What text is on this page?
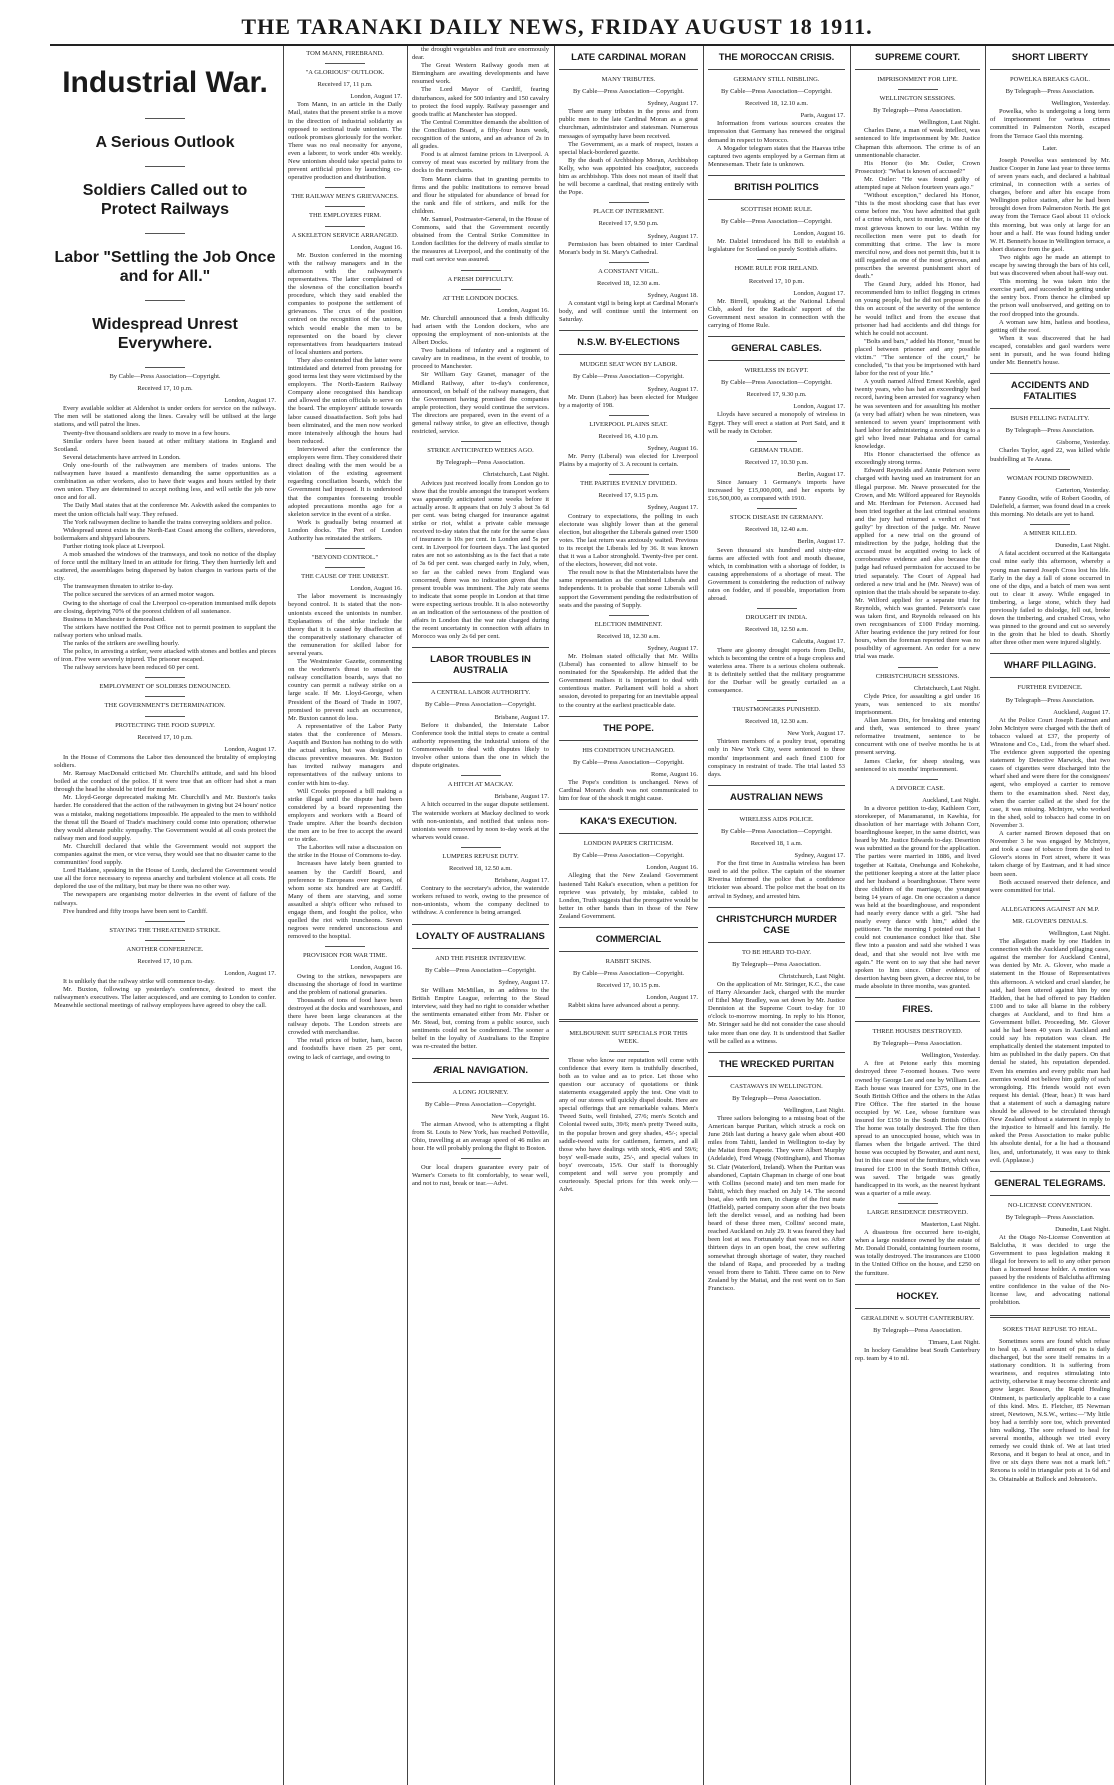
THE TARANAKI DAILY NEWS, FRIDAY AUGUST 18 1911.
Industrial War.
A Serious Outlook
Soldiers Called out to Protect Railways
Labor "Settling the Job Once and for All."
Widespread Unrest Everywhere.

By Cable—Press Association—Copyright.

Received 17, 10 p.m.

London, August 17.

Every available soldier at Aldershot is under orders for service on the railways. The men will be stationed along the lines. Cavalry will be utilised at the large stations, and will patrol the lines.

Twenty-five thousand soldiers are ready to move in a few hours.

Similar orders have been issued at other military stations in England and Scotland.

Several detachments have arrived in London.

Only one-fourth of the railwaymen are members of trades unions. The railwaymen have issued a manifesto demanding the same opportunities as a combination as other workers, also to have their wages and hours settled by their own union. They are determined to accept nothing less, and will settle the job now once and for all.

The Daily Mail states that at the conference Mr. Askwith asked the companies to meet the union officials half way. They refused.

The York railwaymen decline to handle the trains conveying soldiers and police.

Widespread unrest exists in the North-East Coast among the colliers, stevedores, boilermakers and shipyard labourers.

Further rioting took place at Liverpool.

A mob smashed the windows of the tramways, and took no notice of the display of force until the military lined in an attitude for firing. They then hurriedly left and scattered, the assemblages being dispersed by baton charges in various parts of the city.

The tramwaymen threaten to strike to-day.

The police secured the services of an armed motor wagon.

Owing to the shortage of coal the Liverpool co-operation immunised milk depots are closing, depriving 70% of the poorest children of all sustenance.

Business in Manchester is demoralised.

The strikers have notified the Post Office not to permit postmen to supplant the railway porters who unload mails.

The ranks of the strikers are swelling hourly.

The police, in arresting a striker, were attacked with stones and bottles and pieces of iron. Five were severely injured. The prisoner escaped.

The railway services have been reduced 60 per cent.

EMPLOYMENT OF SOLDIERS DENOUNCED.

THE GOVERNMENT'S DETERMINATION.

PROTECTING THE FOOD SUPPLY.

Received 17, 10 p.m.

London, August 17.

In the House of Commons the Labor ties denounced the brutality of employing soldiers.

Mr. Ramsay MacDonald criticised Mr. Churchill's attitude, and said his blood boiled at the conduct of the police. If it were true that an officer had shot a man through the head he should be tried for murder.

Mr. Lloyd-George deprecated making Mr. Churchill's and Mr. Buxton's tasks harder. He considered that the action of the railwaymen in giving but 24 hours' notice was a mistake, making negotiations impossible. He appealed to the men to withhold the threat till the Board of Trade's machinery could come into operation; otherwise they would alienate public sympathy. The Government would at all costs protect the railway men and food supply.

Mr. Churchill declared that while the Government would not support the companies against the men, or vice versa, they would see that no disaster came to the communities' food supply.

Lord Haldane, speaking in the House of Lords, declared the Government would use all the force necessary to repress anarchy and turbulent violence at all costs. He deplored the use of the military, but may be there was no other way.

The newspapers are organising motor deliveries in the event of failure of the railways.

Five hundred and fifty troops have been sent to Cardiff.

STAYING THE THREATENED STRIKE.

ANOTHER CONFERENCE.

Received 17, 10 p.m.

London, August 17.

It is unlikely that the railway strike will commence to-day.

Mr. Buxton, following up yesterday's conference, desired to meet the railwaymen's executives. The latter acquiesced, and are coming to London to confer. Meanwhile sectional meetings of railway employees have agreed to obey the call.

TOM MANN, FIREBRAND.

"A GLORIOUS" OUTLOOK.

Received 17, 11 p.m.

London, August 17.

Tom Mann, in an article in the Daily Mail, states that the present strike is a move in the direction of industrial solidarity as opposed to sectional trade unionism. The outlook promises gloriously for the worker. There was no real necessity for anyone, even a laborer, to work under 40s weekly. New unionism should take special pains to prevent artificial prices by launching co-operative production and distribution.

THE RAILWAY MEN'S GRIEVANCES.

THE EMPLOYERS FIRM.

A SKELETON SERVICE ARRANGED.

London, August 16.

Mr. Buxton conferred in the morning with the railway managers and in the afternoon with the railwaymen's representatives. The latter complained of the slowness of the conciliation board's procedure, which they said enabled the companies to postpone the settlement of grievances. The crux of the position centred on the recognition of the unions, which would enable the men to be represented on the board by clever representatives from headquarters instead of local shunters and porters.

They also contended that the latter were intimidated and deterred from pressing for good terms lest they were victimised by the employers. The North-Eastern Railway Company alone recognised this handicap and allowed the union officials to serve on the board. The employers' attitude towards labor caused dissatisfaction. Soft jobs had been eliminated, and the men now worked more intensively although the hours had been reduced.

Interviewed after the conference the employers were firm. They considered their direct dealing with the men would be a violation of the existing agreement regarding conciliation boards, which the Government had imposed. It is understood that the companies foreseeing trouble adopted precautions months ago for a skeleton service in the event of a strike.

Work is gradually being resumed at London docks. The Port of London Authority has reinstated the strikers.

"BEYOND CONTROL."

THE CAUSE OF THE UNREST.

London, August 16.

The labor movement is increasingly beyond control. It is stated that the non-unionists exceed the unionists in number. Explanations of the strike include the theory that it is caused by disaffection at the comparatively stationary character of the remuneration for skilled labor for several years.

The Westminster Gazette, commenting on the workmen's threat to smash the railway conciliation boards, says that no country can permit a railway strike on a large scale. If Mr. Lloyd-George, when President of the Board of Trade in 1907, promised to prevent such an occurrence, Mr. Buxton cannot do less.

A representative of the Labor Party states that the conference of Messrs. Asquith and Buxton has nothing to do with the actual strikes, but was designed to discuss preventive measures. Mr. Buxton has invited railway managers and representatives of the railway unions to confer with him to-day.

Will Crooks proposed a bill making a strike illegal until the dispute had been considered by a board representing the employers and workers with a Board of Trade umpire. After the board's decision the men are to be free to accept the award or to strike.

The Laborites will raise a discussion on the strike in the House of Commons to-day.

Increases have lately been granted to seamen by the Cardiff Board, and preference to Europeans over negroes, of whom some six hundred are at Cardiff. Many of them are starving, and some assaulted a ship's officer who refused to engage them, and fought the police, who quelled the riot with truncheons. Seven negroes were rendered unconscious and removed to the hospital.

PROVISION FOR WAR TIME.

London, August 16.

Owing to the strikes, newspapers are discussing the shortage of food in wartime and the problem of national granaries.

Thousands of tons of food have been destroyed at the docks and warehouses, and there have been large clearances at the railway depots. The London streets are crowded with merchandise.

The retail prices of butter, ham, bacon and foodstuffs have risen 25 per cent, owing to lack of carriage, and owing to

the drought vegetables and fruit are enormously dear.

The Great Western Railway goods men at Birmingham are awaiting developments and have resumed work.

The Lord Mayor of Cardiff, fearing disturbances, asked for 500 infantry and 150 cavalry to protect the food supply. Railway passenger and goods traffic at Manchester has stopped.

The Central Committee demands the abolition of the Conciliation Board, a fifty-four hours week, recognition of the unions, and an advance of 2s in all grades.

Food is at almost famine prices in Liverpool. A convoy of meat was escorted by military from the docks to the merchants.

Tom Mann claims that in granting permits to firms and the public institutions to remove bread and flour he stipulated for abundance of bread for the rank and file of strikers, and milk for the children.

Mr. Samuel, Postmaster-General, in the House of Commons, said that the Government recently obtained from the Central Strike Committee in London facilities for the delivery of mails similar to the measures at Liverpool, and the continuity of the mail cart service was assured.

A FRESH DIFFICULTY.

AT THE LONDON DOCKS.

London, August 16.

Mr. Churchill announced that a fresh difficulty had arisen with the London dockers, who are opposing the employment of non-unionists at the Albert Docks.

Two battalions of infantry and a regiment of cavalry are in readiness, in the event of trouble, to proceed to Manchester.

Sir William Guy Granet, manager of the Midland Railway, after to-day's conference, announced, on behalf of the railway managers, that the Government having promised the companies ample protection, they would continue the services. The directors are prepared, even in the event of a general railway strike, to give an effective, though restricted, service.

STRIKE ANTICIPATED WEEKS AGO.

By Telegraph—Press Association.

Christchurch, Last Night.

Advices just received locally from London go to show that the trouble amongst the transport workers was apparently anticipated some weeks before it actually arose. It appears that on July 3 about 3s 6d per cent. was being charged for insurance against strike or riot, whilst a private cable message received to-day states that the rate for the same class of insurance is 10s per cent. in London and 5s per cent. in Liverpool for fourteen days. The last quoted rates are not so astonishing as is the fact that a rate of 3s 6d per cent. was charged early in July, when, so far as the cabled news from England was concerned, there was no indication given that the present trouble was imminent. The July rate seems to indicate that some people in London at that time were expecting serious trouble. It is also noteworthy as an indication of the seriousness of the position of affairs in London that the war rate charged during the recent uncertainty in connection with affairs in Morocco was only 2s 6d per cent.

LABOR TROUBLES IN AUSTRALIA

A CENTRAL LABOR AUTHORITY.

By Cable—Press Association—Copyright.

Brisbane, August 17.

Before it disbanded, the Interstate Labor Conference took the initial steps to create a central authority representing the industrial unions of the Commonwealth to deal with disputes likely to involve other unions than the one in which the dispute originates.

A HITCH AT MACKAY.

Brisbane, August 17.

A hitch occurred in the sugar dispute settlement. The waterside workers at Mackay declined to work with non-unionists, and notified that unless non-unionists were removed by noon to-day work at the wharves would cease.

LUMPERS REFUSE DUTY.

Received 18, 12.50 a.m.

Brisbane, August 17.

Contrary to the secretary's advice, the waterside workers refused to work, owing to the presence of non-unionists, whom the company declined to withdraw. A conference is being arranged.

LOYALTY OF AUSTRALIANS

AND THE FISHER INTERVIEW.

By Cable—Press Association—Copyright.

Sydney, August 17.

Sir William McMillan, in an address to the British Empire League, referring to the Stead interview, said they had no right to consider whether the sentiments emanated either from Mr. Fisher or Mr. Stead, but, coming from a public source, such sentiments could not be condemned. The sooner a belief in the loyalty of Australians to the Empire was re-created the better.

ÆRIAL NAVIGATION.

A LONG JOURNEY.

By Cable—Press Association—Copyright.

New York, August 16.

The airman Atwood, who is attempting a flight from St. Louis to New York, has reached Pottsville, Ohio, travelling at an average speed of 46 miles an hour. He will probably prolong the flight to Boston.

Our local drapers guarantee every pair of Warner's Corsets to fit comfortably, to wear well, and not to rust, break or tear.—Advt.

LATE CARDINAL MORAN

MANY TRIBUTES.

By Cable—Press Association—Copyright.

Sydney, August 17.

There are many tributes in the press and from public men to the late Cardinal Moran as a great churchman, administrator and statesman. Numerous messages of sympathy have been received.

The Government, as a mark of respect, issues a special black-bordered gazette.

By the death of Archbishop Moran, Archbishop Kelly, who was appointed his coadjutor, succeeds him as archbishop. This does not mean of itself that he will become a cardinal, that resting entirely with the Pope.

PLACE OF INTERMENT.

Received 17, 9.50 p.m.

Sydney, August 17.

Permission has been obtained to inter Cardinal Moran's body in St. Mary's Cathedral.

A CONSTANT VIGIL.

Received 18, 12.30 a.m.

Sydney, August 18.

A constant vigil is being kept at Cardinal Moran's body, and will continue until the interment on Saturday.

N.S.W. BY-ELECTIONS

MUDGEE SEAT WON BY LABOR.

By Cable—Press Association—Copyright.

Sydney, August 17.

Mr. Dunn (Labor) has been elected for Mudgee by a majority of 198.

LIVERPOOL PLAINS SEAT.

Received 16, 4.10 p.m.

Sydney, August 16.

Mr. Perry (Liberal) was elected for Liverpool Plains by a majority of 3. A recount is certain.

THE PARTIES EVENLY DIVIDED.

Received 17, 9.15 p.m.

Sydney, August 17.

Contrary to expectations, the polling in each electorate was slightly lower than at the general election, but altogether the Liberals gained over 1500 votes. The last return was anxiously waited. Previous to its receipt the Liberals led by 36. It was known that it was a Labor stronghold. Twenty-five per cent. of the electors, however, did not vote.

The result now is that the Ministerialists have the same representation as the combined Liberals and Independents. It is probable that some Liberals will support the Government pending the redistribution of seats and the passing of Supply.

ELECTION IMMINENT.

Received 18, 12.30 a.m.

Sydney, August 17.

Mr. Holman stated officially that Mr. Willis (Liberal) has consented to allow himself to be nominated for the Speakership. He added that the Government realises it is important to deal with contentious matter. Parliament will hold a short session, devoted to preparing for an inevitable appeal to the country at the earliest practicable date.

THE POPE.

HIS CONDITION UNCHANGED.

By Cable—Press Association—Copyright.

Rome, August 16.

The Pope's condition is unchanged. News of Cardinal Moran's death was not communicated to him for fear of the shock it might cause.

KAKA'S EXECUTION.

LONDON PAPER'S CRITICISM.

By Cable—Press Association—Copyright.

London, August 16.

Alleging that the New Zealand Government hastened Tahi Kaka's execution, when a petition for reprieve was privately, by mistake, cabled to London, Truth suggests that the prerogative would be better in other hands than in those of the New Zealand Government.

COMMERCIAL

RABBIT SKINS.

By Cable—Press Association—Copyright.

Received 17, 10.15 p.m.

London, August 17.

Rabbit skins have advanced about a penny.

MELBOURNE SUIT SPECIALS FOR THIS WEEK.

Those who know our reputation will come with confidence that every item is truthfully described, both as to value and as to price. Let those who question our accuracy of quotations or think statements exaggerated apply the test. One visit to any of our stores will quickly dispel doubt. Here are special offerings that are remarkable values. Men's Tweed Suits, well finished, 27/6; men's Scotch and Colonial tweed suits, 39/6; men's pretty Tweed suits, in the popular brown and grey shades, 45/-; special saddle-tweed suits for cattlemen, farmers, and all those who have dealings with stock, 40/6 and 59/6; boys' well-made suits, 25/-, and special values in boys' overcoats, 15/6. Our staff is thoroughly competent and will serve you promptly and courteously. Special prices for this week only.—Advt.

THE MOROCCAN CRISIS.

GERMANY STILL NIBBLING.

By Cable—Press Association—Copyright.

Received 18, 12.10 a.m.

Paris, August 17.

Information from various sources creates the impression that Germany has renewed the original demand in respect to Morocco.

A Mogador telegram states that the Haavas tribe captured two agents employed by a German firm at Menneseman. Their fate is unknown.

BRITISH POLITICS

SCOTTISH HOME RULE.

By Cable—Press Association—Copyright.

London, August 16.

Mr. Dalziel introduced his Bill to establish a legislature for Scotland on purely Scottish affairs.

HOME RULE FOR IRELAND.

Received 17, 10 p.m.

London, August 17.

Mr. Birrell, speaking at the National Liberal Club, asked for the Radicals' support of the Government next session in connection with the carrying of Home Rule.

GENERAL CABLES.

WIRELESS IN EGYPT.

By Cable—Press Association—Copyright.

Received 17, 9.30 p.m.

London, August 17.

Lloyds have secured a monopoly of wireless in Egypt. They will erect a station at Port Said, and it will be ready in October.

GERMAN TRADE.

Received 17, 10.30 p.m.

Berlin, August 17.

Since January 1 Germany's imports have increased by £15,000,000, and her exports by £16,500,000, as compared with 1910.

STOCK DISEASE IN GERMANY.

Received 18, 12.40 a.m.

Berlin, August 17.

Seven thousand six hundred and sixty-nine farms are affected with foot and mouth disease, which, in combination with a shortage of fodder, is causing apprehensions of a shortage of meat. The Government is considering the reduction of railway rates on fodder, and if possible, importation from abroad.

DROUGHT IN INDIA.

Received 18, 12.50 a.m.

Calcutta, August 17.

There are gloomy drought reports from Delhi, which is becoming the centre of a huge cropless and waterless area. There is a serious cholera outbreak. It is definitely settled that the military programme for the Durbar will be greatly curtailed as a consequence.

TRUSTMONGERS PUNISHED.

Received 18, 12.30 a.m.

New York, August 17.

Thirteen members of a poultry trust, operating only in New York City, were sentenced to three months' imprisonment and each fined £100 for conspiracy in restraint of trade. The trial lasted 53 days.

AUSTRALIAN NEWS

WIRELESS AIDS POLICE.

By Cable—Press Association—Copyright.

Received 18, 1 a.m.

Sydney, August 17.

For the first time in Australia wireless has been used to aid the police. The captain of the steamer Riverina informed the police that a confidence trickster was aboard. The police met the boat on its arrival in Sydney, and arrested him.

CHRISTCHURCH MURDER CASE

TO BE HEARD TO-DAY.

By Telegraph—Press Association.

Christchurch, Last Night.

On the application of Mr. Stringer, K.C., the case of Harry Alexander Jack, charged with the murder of Ethel May Bradley, was set down by Mr. Justice Denniston at the Supreme Court to-day for 10 o'clock to-morrow morning. In reply to his Honor, Mr. Stringer said he did not consider the case should take more than one day. It is understood that Sadler will be called as a witness.

THE WRECKED PURITAN

CASTAWAYS IN WELLINGTON.

By Telegraph—Press Association.

Wellington, Last Night.

Three sailors belonging to a missing boat of the American barque Puritan, which struck a rock on June 26th last during a heavy gale when about 400 miles from Tahiti, landed in Wellington to-day by the Maitai from Papeete. They were Albert Murphy (Adelaide), Fred Wragg (Nottingham), and Thomas St. Clair (Waterford, Ireland). When the Puritan was abandoned, Captain Chapman in charge of one boat with Collins (second mate) and ten men made for Tahiti, which they reached on July 14. The second boat, also with ten men, in charge of the first mate (Hatfield), parted company soon after the two boats left the derelict vessel, and as nothing had been heard of these three men, Collins' second mate, reached Auckland on July 29. It was feared they had been lost at sea. Fortunately that was not so. After thirteen days in an open boat, the crew suffering somewhat through shortage of water, they reached the island of Rapa, and proceeded by a trading vessel from there to Tahiti. Three came on to New Zealand by the Maitai, and the rest went on to San Francisco.

SUPREME COURT.

IMPRISONMENT FOR LIFE.

WELLINGTON SESSIONS.

By Telegraph—Press Association.

Wellington, Last Night.

Charles Dane, a man of weak intellect, was sentenced to life imprisonment by Mr. Justice Chapman this afternoon. The crime is of an unmentionable character.

His Honor (to Mr. Ostler, Crown Prosecutor): "What is known of accused?"

Mr. Ostler: "He was found guilty of attempted rape at Nelson fourteen years ago."

"Without exception," declared his Honor, "this is the most shocking case that has ever come before me. You have admitted that guilt of a crime which, next to murder, is one of the most grievous known to our law. Within my recollection men were put to death for committing that crime. The law is more merciful now, and does not permit this, but it is still regarded as one of the most grievous, and prescribes the severest punishment short of death."

The Grand Jury, added his Honor, had recommended him to inflict flogging in crimes on young people, but he did not propose to do this on account of the severity of the sentence he would inflict and from the excuse that prisoner had had accidents and did things for which he could not account.

"Bolts and bars," added his Honor, "must be placed between prisoner and any possible victim." "The sentence of the court," he concluded, "is that you be imprisoned with hard labor for the rest of your life."

A youth named Alfred Ernest Keeble, aged twenty years, who has had an exceedingly bad record, having been arrested for vagrancy when he was seventeen and for assaulting his mother (a very bad affair) when he was nineteen, was sentenced to seven years' imprisonment with hard labor for administering a noxious drug to a girl who lived near Pahiatua and for carnal knowledge.

His Honor characterised the offence as exceedingly strong terms.

Edward Reynolds and Annie Peterson were charged with having used an instrument for an illegal purpose. Mr. Neave prosecuted for the Crown, and Mr. Wilford appeared for Reynolds and Mr. Herdman for Peterson. Accused had been tried together at the last criminal sessions and the jury had returned a verdict of "not guilty" by direction of the judge. Mr. Neave applied for a new trial on the ground of misdirection by the judge, holding that the accused must be acquitted owing to lack of corroborative evidence and also because the judge had refused permission for accused to be tried separately. The Court of Appeal had ordered a new trial and he (Mr. Neave) was of opinion that the trials should be separate to-day. Mr. Wilford applied for a separate trial for Reynolds, which was granted. Peterson's case was taken first, and Reynolds released on his own recognisances of £100 Friday morning. After hearing evidence the jury retired for four hours, when the foreman reported there was no possibility of agreement. An order for a new trial was made.

CHRISTCHURCH SESSIONS.

Christchurch, Last Night.

Clyde Price, for assaulting a girl under 16 years, was sentenced to six months' imprisonment.

Allan James Dix, for breaking and entering and theft, was sentenced to three years' reformative treatment, sentence to be concurrent with one of twelve months he is at present serving.

James Clarke, for sheep stealing, was sentenced to six months' imprisonment.

A DIVORCE CASE.

Auckland, Last Night.

In a divorce petition to-day, Kathleen Corr, storekeeper, of Maramaranui, in Kawhia, for dissolution of her marriage with Johann Corr, boardinghouse keeper, in the same district, was heard by Mr. Justice Edwards to-day. Desertion was submitted as the ground for the application. The parties were married in 1886, and lived together at Kaitaia, Onehunga and Kohekohe, the petitioner keeping a store at the latter place and her husband a boardinghouse. There were three children of the marriage, the youngest being 14 years of age. On one occasion a dance was held at the boardinghouse, and respondent had nearly every dance with a girl. "She had nearly every dance with him," added the petitioner. "In the morning I pointed out that I could not countenance conduct like that. She flew into a passion and said she wished I was dead, and that she would not live with me again." He went on to say that she had never spoken to him since. Other evidence of desertion having been given, a decree nisi, to be made absolute in three months, was granted.

FIRES.

THREE HOUSES DESTROYED.

By Telegraph—Press Association.

Wellington, Yesterday.

A fire at Petone early this morning destroyed three 7-roomed houses. Two were owned by George Lee and one by William Lee. Each house was insured for £375, one in the South British Office and the others in the Atlas Fire Office. The fire started in the house occupied by W. Lee, whose furniture was insured for £150 in the South British Office. The home was totally destroyed. The fire then spread to an unoccupied house, which was in flames when the brigade arrived. The third house was occupied by Bowater, and aunt next, but in this case most of the furniture, which was insured for £100 in the South British Office, was saved. The brigade was greatly handicapped in its work, as the nearest hydrant was a quarter of a mile away.

LARGE RESIDENCE DESTROYED.

Masterton, Last Night.

A disastrous fire occurred here to-night, when a large residence owned by the estate of Mr. Donald Donald, containing fourteen rooms, was totally destroyed. The insurances are £1000 in the United Office on the house, and £250 on the furniture.

HOCKEY.

GERALDINE v. SOUTH CANTERBURY.

By Telegraph—Press Association.

Timaru, Last Night.

In hockey Geraldine beat South Canterbury rep. team by 4 to nil.

SHORT LIBERTY

POWELKA BREAKS GAOL.

By Telegraph—Press Association.

Wellington, Yesterday.

Powelka, who is undergoing a long term of imprisonment for various crimes committed in Palmerston North, escaped from the Terrace Gaol this morning.

Later.

Joseph Powelka was sentenced by Mr. Justice Cooper in June last year to three terms of seven years each, and declared a habitual criminal, in connection with a series of charges, before and after his escape from Wellington police station, after he had been brought down from Palmerston North. He got away from the Terrace Gaol about 11 o'clock this morning, but was only at large for an hour and a half. He was found hiding under W. H. Bennett's house in Wellington terrace, a short distance from the gaol.

Two nights ago he made an attempt to escape by sawing through the bars of his cell, but was discovered when about half-way out.

This morning he was taken into the exercise yard, and succeeded in getting under the sentry box. From thence he climbed up the prison wall unobserved, and getting on to the roof dropped into the grounds.

A woman saw him, hatless and bootless, getting off the roof.

When it was discovered that he had escaped, constables and gaol warders were sent in pursuit, and he was found hiding under Mr. Bennett's house.

ACCIDENTS AND FATALITIES

BUSH FELLING FATALITY.

By Telegraph—Press Association.

Gisborne, Yesterday.

Charles Taylor, aged 22, was killed while bushfelling at Te Arana.

WOMAN FOUND DROWNED.

Carterton, Yesterday.

Fanny Goodin, wife of Robert Goodin, of Dalefield, a farmer, was found dead in a creek this morning. No details are yet to hand.

A MINER KILLED.

Dunedin, Last Night.

A fatal accident occurred at the Kaitangata coal mine early this afternoon, whereby a young man named Joseph Cross lost his life. Early in the day a fall of stone occurred in one of the dips, and a batch of men was sent out to clear it away. While engaged in timbering, a large stone, which they had previously failed to dislodge, fell out, broke down the timbering, and crushed Cross, who was pinned to the ground and cut so severely in the groin that he bled to death. Shortly after three other men were injured slightly.

WHARF PILLAGING.

FURTHER EVIDENCE.

By Telegraph—Press Association.

Auckland, August 17.

At the Police Court Joseph Eastman and John McIntyre were charged with the theft of tobacco valued at £37, the property of Winstone and Co., Ltd., from the wharf shed. The evidence given supported the opening statement by Detective Marwick, that two cases of cigarettes were discharged into the wharf shed and were there for the consignees' agent, who employed a carrier to remove them to the examination shed. Next day, when the carrier called at the shed for the case, it was missing. McIntyre, who worked in the shed, sold to tobacco had come in on November 3.

A carter named Brown deposed that on November 3 he was engaged by McIntyre, and took a case of tobacco from the shed to Glover's stores in Fort street, where it was taken charge of by Eastman, and it had since been seen.

Both accused reserved their defence, and were committed for trial.

ALLEGATIONS AGAINST AN M.P.

MR. GLOVER'S DENIALS.

Wellington, Last Night.

The allegation made by one Hadden in connection with the Auckland pillaging cases, against the member for Auckland Central, was denied by Mr. A. Glover, who made a statement in the House of Representatives this afternoon. A wicked and cruel slander, he said, had been uttered against him by one Hadden, that he had offered to pay Hadden £100 and to take all blame in the robbery charges at Auckland, and to find him a Government billet. Proceeding, Mr. Glover said he had been 40 years in Auckland and could say his reputation was clean. He emphatically denied the statement imputed to him as published in the daily papers. On that denial he stated, his reputation depended. Even his enemies and every public man had enemies would not believe him guilty of such wrongdoing. His friends would not even request his denial. (Hear, hear.) It was hard that a statement of such a damaging nature should be allowed to be circulated through New Zealand without a statement in reply to the injustice to himself and his family. He asked the Press Association to make public his absolute denial, for a lie had a thousand lies, and, unfortunately, it was easy to think evil. (Applause.)

GENERAL TELEGRAMS.

NO-LICENSE CONVENTION.

By Telegraph—Press Association.

Dunedin, Last Night.

At the Otago No-License Convention at Balclutha, it was decided to urge the Government to pass legislation making it illegal for brewers to sell to any other person than a licensed house holder. A motion was passed by the residents of Balclutha affirming entire confidence in the value of the No-license law, and advocating national prohibition.

SORES THAT REFUSE TO HEAL.

Sometimes sores are found which refuse to heal up. A small amount of pus is daily discharged, but the sore itself remains in a stationary condition. It is suffering from weariness, and requires stimulating into activity, otherwise it may become chronic and grow larger. Reason, the Rapid Healing Ointment, is particularly applicable to a case of this kind. Mrs. E. Fletcher, 85 Newman street, Newtown, N.S.W., writes:—"My little boy had a terribly sore toe, which prevented him walking. The sore refused to heal for several months, although we tried every remedy we could think of. We at last tried Rexona, and it began to heal at once, and in five or six days there was not a mark left." Rexona is sold in triangular pots at 1s 6d and 3s. Obtainable at Bullock and Johnston's.
